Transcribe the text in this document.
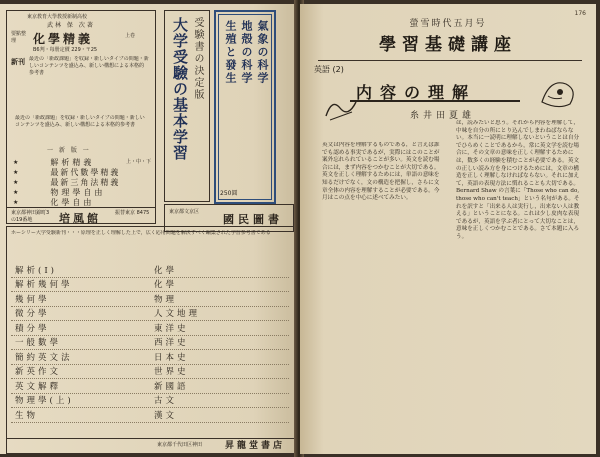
東京教育大學教授新制高校
武林 保 次著
要點整理	化學精義	上卷
B6判・每册定價 229・〒25
新刊 最近の「新政課題」を収録・新しいタイプの問題・新しいコンテンツを盛込み、新しい構想による本格的参考書
最近の「新政課題」を収録・新しいタイプの問題・新しいコンテンツを盛込み、新しい構想による本格的参考書
一 新 版 一
★	解析精義	上・中・下
★	最新代數學精義
★	最新三角法精義
★	物理學自由
★	化學自由
東京都神田錦町3の19番地	培風館	振替東京 8475
受験書の決定版
大学受驗の基本学習	氣象の科学
地殻の科学
生殖と發生
250圓
東京都文京区
國民圖書
ホーシリー大学受験新刊・・・原理を正しく理解した上で，広く応用問題を解決すべく編集された学習参考書である
解析(I)	化學
解析幾何學	化學
幾何學	物理
微分學	人文地理
積分學	東洋史
一般數學	西洋史
簡約英文法	日本史
新英作文	世界史
英文解釋	新國語
物理學(上)	古文
生物	漢文
東京都千代田区神田	昇龍堂書店
176
螢雪時代五月号
學習基礎講座
英語 (2)
内容の理解
糸井田夏雄
英文は内容を理解するものである，と言えば誰でも認める事実であるが，実際にはこのことが案外忘れられていることが多い。英文を読む場合には，まず内容をつかむことが大切である。英文を正しく理解するためには，単語の意味を知るだけでなく，文の構造を把握し，さらに文章全体の内容を理解することが必要である。今月はこの点を中心に述べてみたい。
は，読みたいと思う。それから内容を理解して，中味を自分の所にとり込んでしまわねばならない。本当に一読明に理解しないということは自分でひらめくことであるから，常に英文学を読む場合に，その文章の意味を正しく理解するためには，数多くの経験を積むことが必要である。英文の正しい読み方を身につけるためには，文章の構造を正しく理解しなければならない。それに加えて，英語の表現方法に慣れることも大切である。Bernard Shaw の言葉に「Those who can do, those who can't teach」という名句がある。それを訳すと「出来る人は実行し，出来ない人は教える」ということになる。これは少し皮肉な表現であるが，英語を学ぶ者にとって大切なことは，意味を正しくつかむことである。さて本題に入ろう。
